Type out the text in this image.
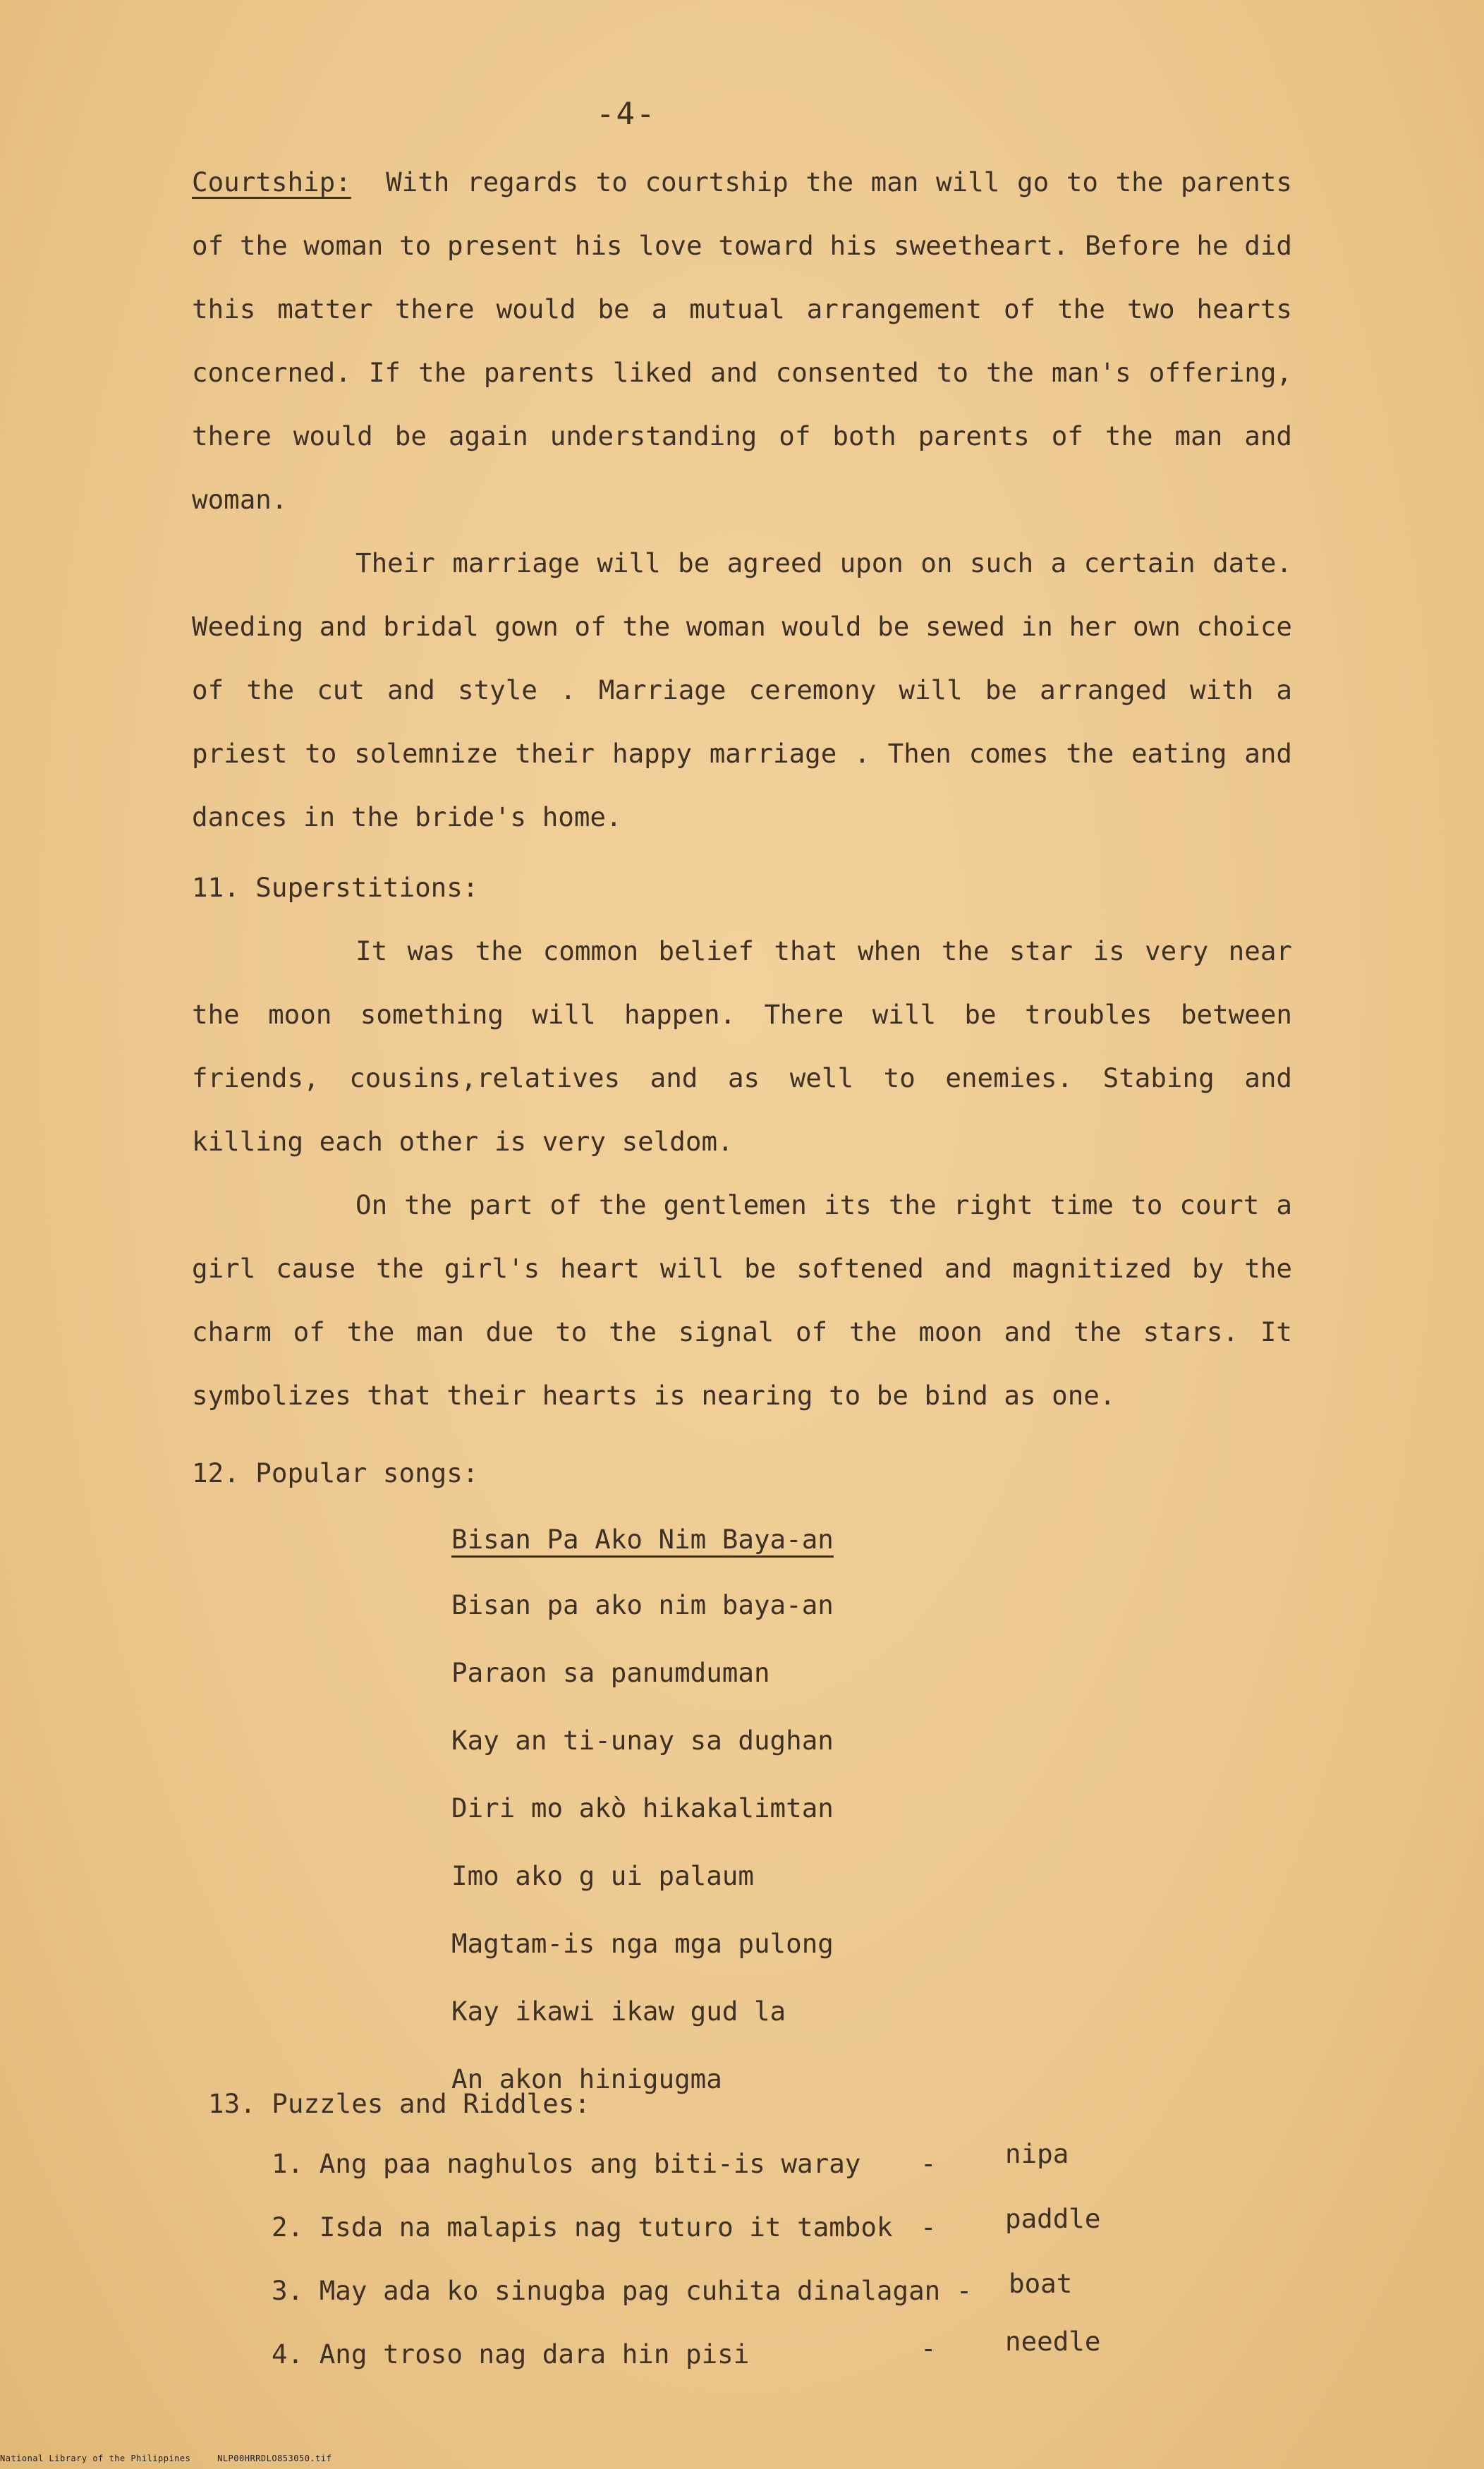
-4-

Courtship: With regards to courtship the man will go to the parents of the woman to present his love toward his sweetheart. Before he did this matter there would be a mutual arrangement of the two hearts concerned. If the parents liked and consented to the man's offering, there would be again understanding of both parents of the man and woman.

Their marriage will be agreed upon on such a certain date. Weeding and bridal gown of the woman would be sewed in her own choice of the cut and style . Marriage ceremony will be arranged with a priest to solemnize their happy marriage . Then comes the eating and dances in the bride's home.

11. Superstitions:

It was the common belief that when the star is very near the moon something will happen. There will be troubles between friends, cousins,relatives and as well to enemies. Stabing and killing each other is very seldom.

On the part of the gentlemen its the right time to court a girl cause the girl's heart will be softened and magnitized by the charm of the man due to the signal of the moon and the stars. It symbolizes that their hearts is nearing to be bind as one.

12. Popular songs:
Bisan Pa Ako Nim Baya-an
Bisan pa ako nim baya-an
Paraon sa panumduman
Kay an ti-unay sa dughan
Diri mo akò hikakalimtan
Imo ako g ui palaum
Magtam-is nga mga pulong
Kay ikawi ikaw gud la
An akon hinigugma
13. Puzzles and Riddles:
1. Ang paa naghulos ang biti-is waray -	nipa
2. Isda na malapis nag tuturo it tambok -	paddle
3. May ada ko sinugba pag cuhita dinalagan - boat
4. Ang troso nag dara hin pisi	-	needle
National Library of the Philippines	NLP00HRRDLO853050.tif
